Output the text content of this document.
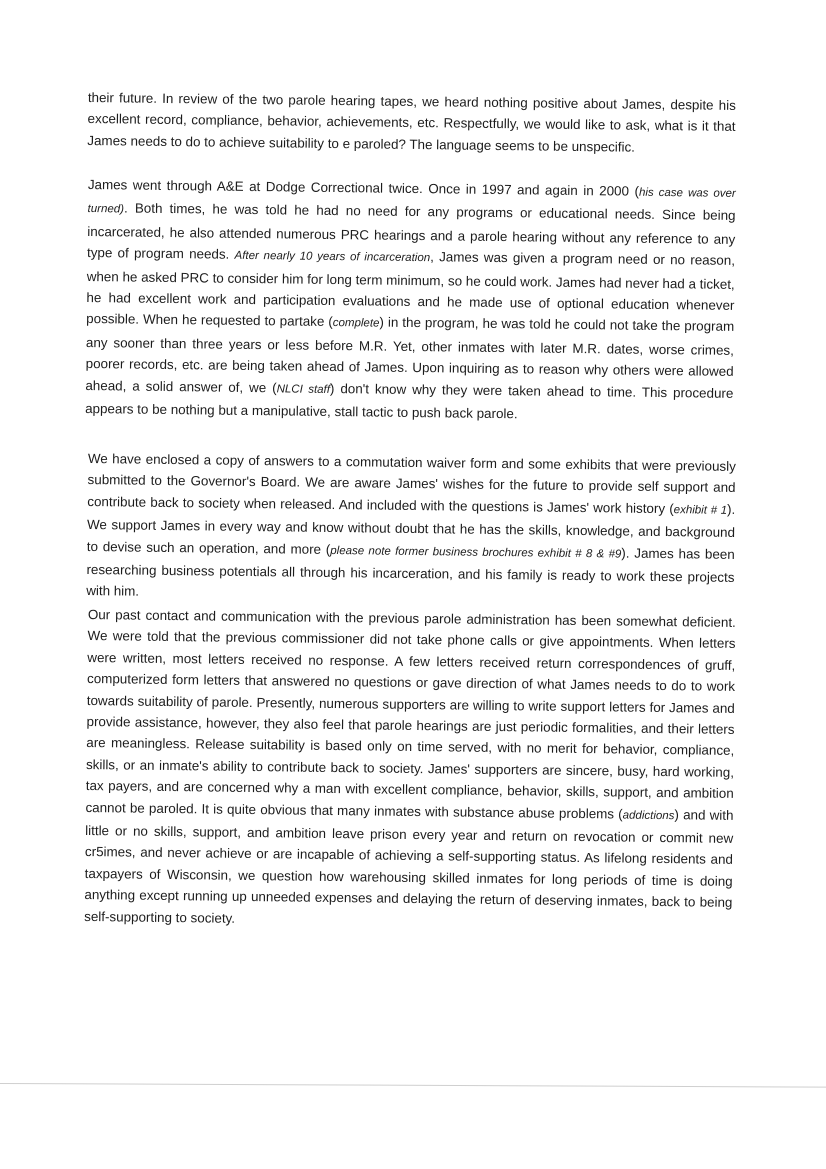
their future. In review of the two parole hearing tapes, we heard nothing positive about James, despite his excellent record, compliance, behavior, achievements, etc. Respectfully, we would like to ask, what is it that James needs to do to achieve suitability to e paroled? The language seems to be unspecific.

James went through A&E at Dodge Correctional twice. Once in 1997 and again in 2000 (his case was over turned). Both times, he was told he had no need for any programs or educational needs. Since being incarcerated, he also attended numerous PRC hearings and a parole hearing without any reference to any type of program needs. After nearly 10 years of incarceration, James was given a program need or no reason, when he asked PRC to consider him for long term minimum, so he could work. James had never had a ticket, he had excellent work and participation evaluations and he made use of optional education whenever possible. When he requested to partake (complete) in the program, he was told he could not take the program any sooner than three years or less before M.R. Yet, other inmates with later M.R. dates, worse crimes, poorer records, etc. are being taken ahead of James. Upon inquiring as to reason why others were allowed ahead, a solid answer of, we (NLCI staff) don't know why they were taken ahead to time. This procedure appears to be nothing but a manipulative, stall tactic to push back parole.

We have enclosed a copy of answers to a commutation waiver form and some exhibits that were previously submitted to the Governor's Board. We are aware James' wishes for the future to provide self support and contribute back to society when released. And included with the questions is James' work history (exhibit # 1). We support James in every way and know without doubt that he has the skills, knowledge, and background to devise such an operation, and more (please note former business brochures exhibit # 8 & #9). James has been researching business potentials all through his incarceration, and his family is ready to work these projects with him.

Our past contact and communication with the previous parole administration has been somewhat deficient. We were told that the previous commissioner did not take phone calls or give appointments. When letters were written, most letters received no response. A few letters received return correspondences of gruff, computerized form letters that answered no questions or gave direction of what James needs to do to work towards suitability of parole. Presently, numerous supporters are willing to write support letters for James and provide assistance, however, they also feel that parole hearings are just periodic formalities, and their letters are meaningless. Release suitability is based only on time served, with no merit for behavior, compliance, skills, or an inmate's ability to contribute back to society. James' supporters are sincere, busy, hard working, tax payers, and are concerned why a man with excellent compliance, behavior, skills, support, and ambition cannot be paroled. It is quite obvious that many inmates with substance abuse problems (addictions) and with little or no skills, support, and ambition leave prison every year and return on revocation or commit new cr5imes, and never achieve or are incapable of achieving a self-supporting status. As lifelong residents and taxpayers of Wisconsin, we question how warehousing skilled inmates for long periods of time is doing anything except running up unneeded expenses and delaying the return of deserving inmates, back to being self-supporting to society.
